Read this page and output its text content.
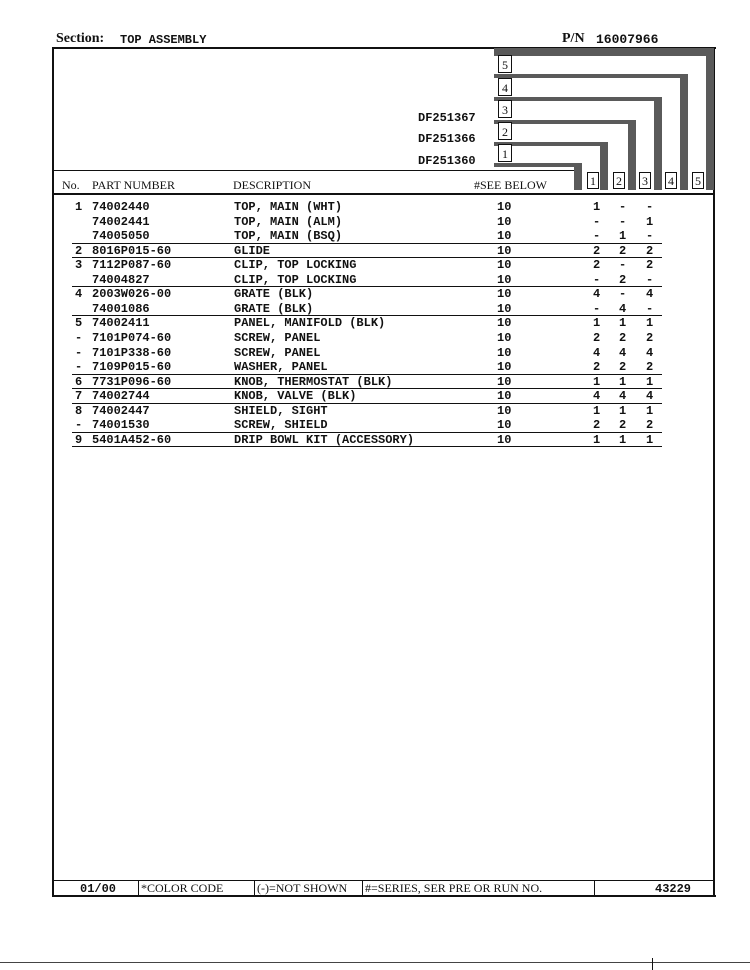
Section: TOP ASSEMBLY	P/N 16007966
5
4
3
2
1
DF251367
DF251366
DF251360
No. PART NUMBER	DESCRIPTION	#SEE BELOW	1 2 3 4 5
1 74002440	TOP, MAIN (WHT)	10	1 - -
74002441	TOP, MAIN (ALM)	10	- - 1
74005050	TOP, MAIN (BSQ)	10	- 1 -
2 8016P015-60	GLIDE	10	2 2 2
3 7112P087-60	CLIP, TOP LOCKING	10	2 - 2
74004827	CLIP, TOP LOCKING	10	- 2 -
4 2003W026-00	GRATE (BLK)	10	4 - 4
74001086	GRATE (BLK)	10	- 4 -
5 74002411	PANEL, MANIFOLD (BLK)	10	1 1 1
- 7101P074-60	SCREW, PANEL	10	2 2 2
- 7101P338-60	SCREW, PANEL	10	4 4 4
- 7109P015-60	WASHER, PANEL	10	2 2 2
6 7731P096-60	KNOB, THERMOSTAT (BLK)	10	1 1 1
7 74002744	KNOB, VALVE (BLK)	10	4 4 4
8 74002447	SHIELD, SIGHT	10	1 1 1
- 74001530	SCREW, SHIELD	10	2 2 2
9 5401A452-60	DRIP BOWL KIT (ACCESSORY)	10	1 1 1
01/00 *COLOR CODE	(-)=NOT SHOWN #=SERIES, SER PRE OR RUN NO.	43229
